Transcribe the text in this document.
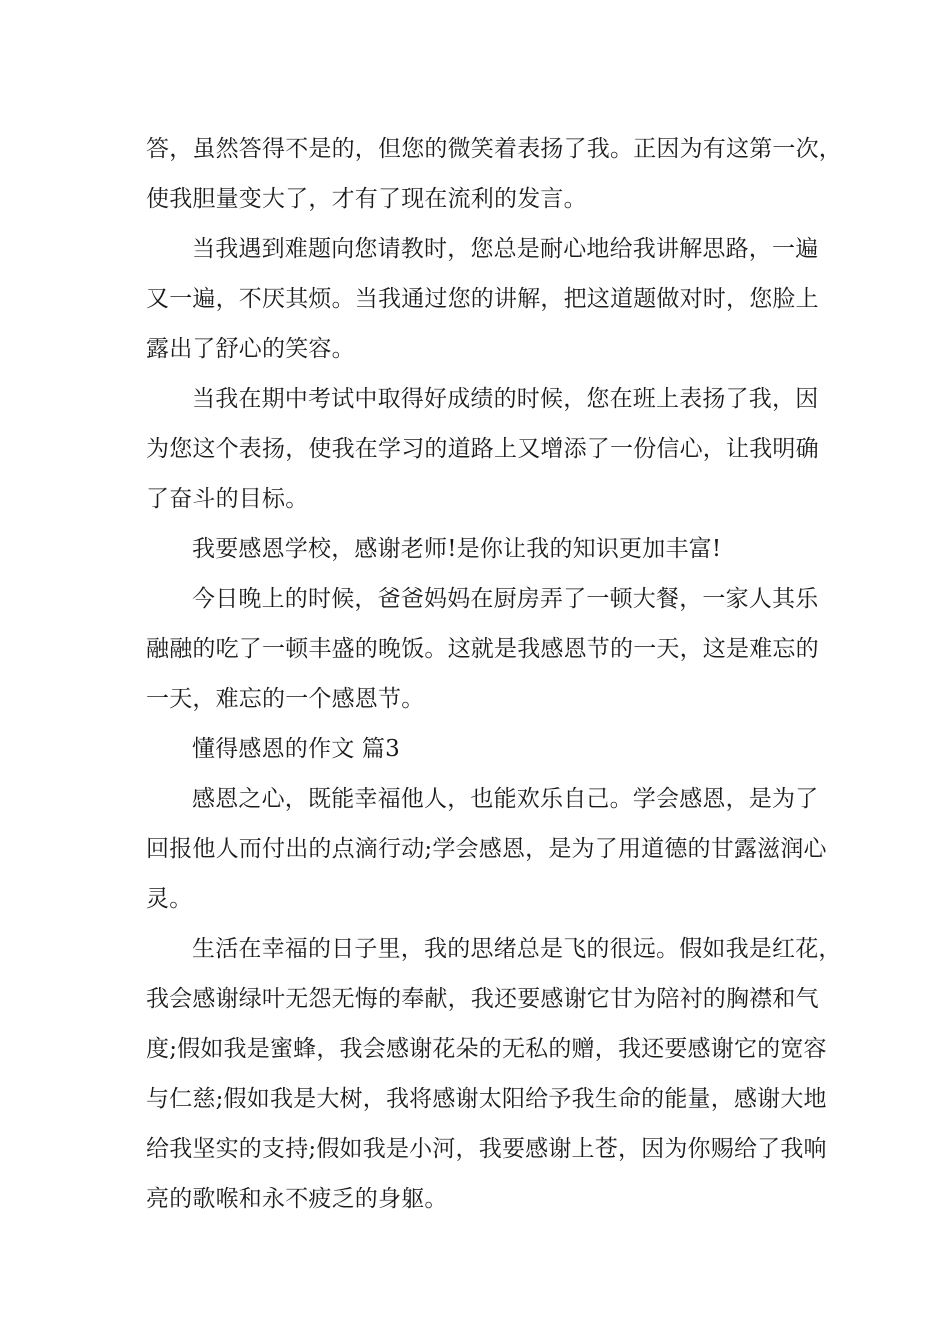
答，虽然答得不是的，但您的微笑着表扬了我。正因为有这第一次，
使我胆量变大了，才有了现在流利的发言。
当我遇到难题向您请教时，您总是耐心地给我讲解思路，一遍
又一遍，不厌其烦。当我通过您的讲解，把这道题做对时，您脸上
露出了舒心的笑容。
当我在期中考试中取得好成绩的时候，您在班上表扬了我，因
为您这个表扬，使我在学习的道路上又增添了一份信心，让我明确
了奋斗的目标。
我要感恩学校，感谢老师!是你让我的知识更加丰富!
今日晚上的时候，爸爸妈妈在厨房弄了一顿大餐，一家人其乐
融融的吃了一顿丰盛的晚饭。这就是我感恩节的一天，这是难忘的
一天，难忘的一个感恩节。
懂得感恩的作文 篇3
感恩之心，既能幸福他人，也能欢乐自己。学会感恩，是为了
回报他人而付出的点滴行动;学会感恩，是为了用道德的甘露滋润心
灵。
生活在幸福的日子里，我的思绪总是飞的很远。假如我是红花，
我会感谢绿叶无怨无悔的奉献，我还要感谢它甘为陪衬的胸襟和气
度;假如我是蜜蜂，我会感谢花朵的无私的赠，我还要感谢它的宽容
与仁慈;假如我是大树，我将感谢太阳给予我生命的能量，感谢大地
给我坚实的支持;假如我是小河，我要感谢上苍，因为你赐给了我响
亮的歌喉和永不疲乏的身躯。
